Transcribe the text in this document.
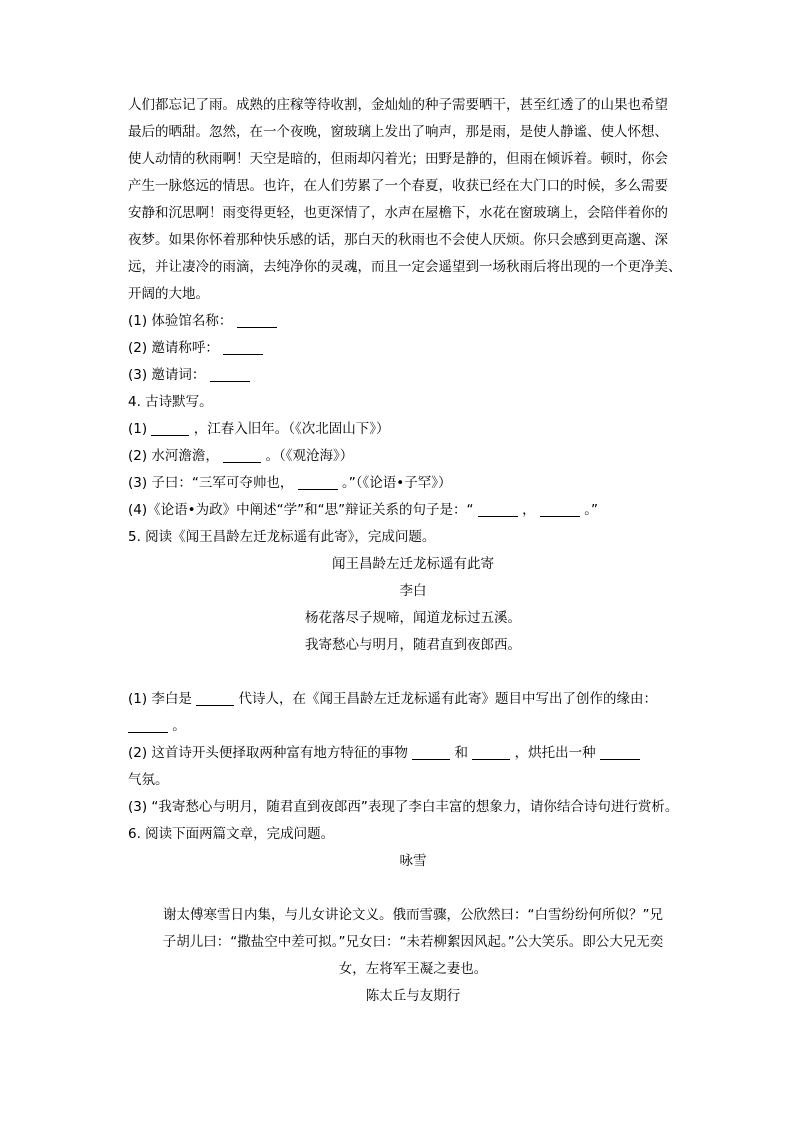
人们都忘记了雨。成熟的庄稼等待收割，金灿灿的种子需要晒干，甚至红透了的山果也希望
最后的晒甜。忽然，在一个夜晚，窗玻璃上发出了响声，那是雨，是使人静谧、使人怀想、
使人动情的秋雨啊！天空是暗的，但雨却闪着光；田野是静的，但雨在倾诉着。顿时，你会
产生一脉悠远的情思。也许，在人们劳累了一个春夏，收获已经在大门口的时候，多么需要
安静和沉思啊！雨变得更轻，也更深情了，水声在屋檐下，水花在窗玻璃上，会陪伴着你的
夜梦。如果你怀着那种快乐感的话，那白天的秋雨也不会使人厌烦。你只会感到更高邈、深
远，并让凄冷的雨滴，去纯净你的灵魂，而且一定会遥望到一场秋雨后将出现的一个更净美、
开阔的大地。
(1) 体验馆名称：
(2) 邀请称呼：
(3) 邀请词：
4. 古诗默写。
(1)	，江春入旧年。（《次北固山下》）
(2) 水河澹澹，	。（《观沧海》）
(3) 子曰：“三军可夺帅也，	。”（《论语•子罕》）
(4)《论语•为政》中阐述“学”和“思”辩证关系的句子是：“	，	。”
5. 阅读《闻王昌龄左迁龙标遥有此寄》，完成问题。
闻王昌龄左迁龙标遥有此寄
李白
杨花落尽子规啼，闻道龙标过五溪。
我寄愁心与明月，随君直到夜郎西。
(1) 李白是	代诗人，在《闻王昌龄左迁龙标遥有此寄》题目中写出了创作的缘由：
。
(2) 这首诗开头便择取两种富有地方特征的事物	和	，烘托出一种
气氛。
(3) “我寄愁心与明月，随君直到夜郎西”表现了李白丰富的想象力，请你结合诗句进行赏析。
6. 阅读下面两篇文章，完成问题。
咏雪
谢太傅寒雪日内集，与儿女讲论文义。俄而雪骤，公欣然曰：“白雪纷纷何所似？”兄
子胡儿曰：“撒盐空中差可拟。”兄女曰：“未若柳絮因风起。”公大笑乐。即公大兄无奕
女，左将军王凝之妻也。
陈太丘与友期行
